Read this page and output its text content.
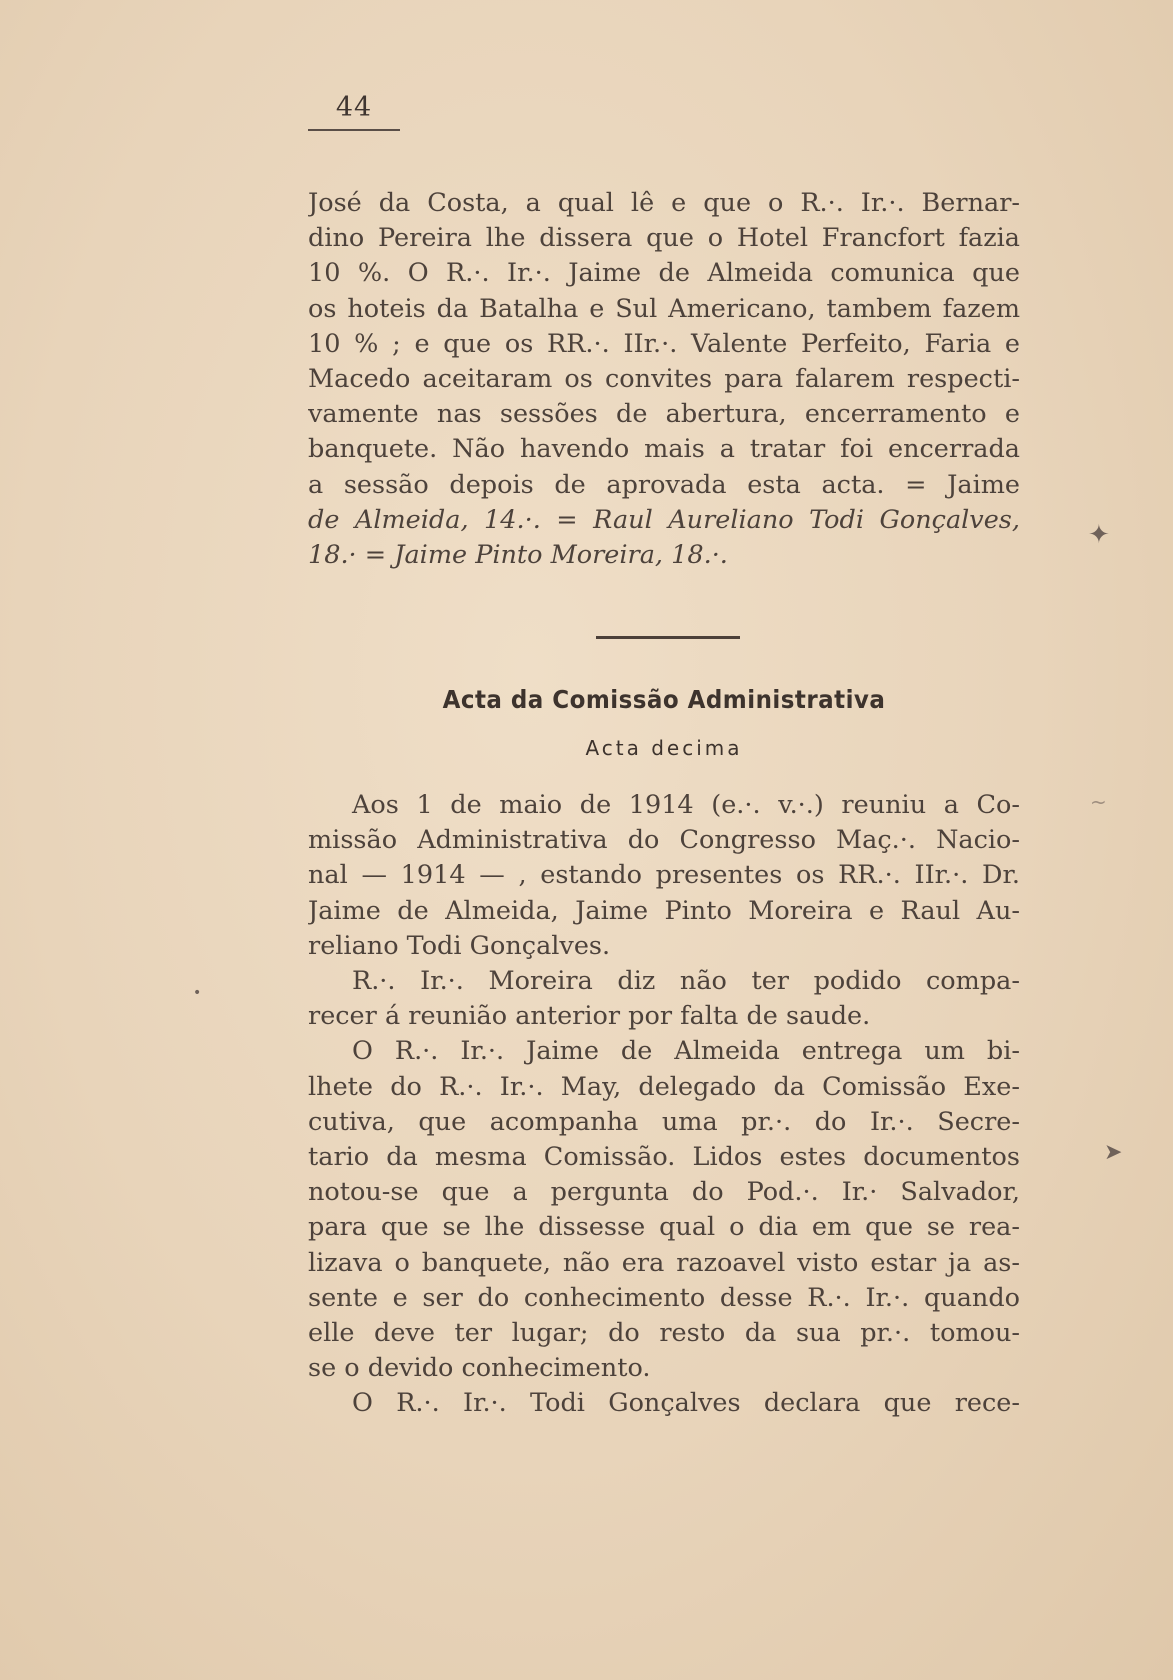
44
José da Costa, a qual lê e que o R.·. Ir.·. Bernar-
dino Pereira lhe dissera que o Hotel Francfort fazia
10 %. O R.·. Ir.·. Jaime de Almeida comunica que
os hoteis da Batalha e Sul Americano, tambem fazem
10 % ; e que os RR.·. IIr.·. Valente Perfeito, Faria e
Macedo aceitaram os convites para falarem respecti-
vamente nas sessões de abertura, encerramento e
banquete. Não havendo mais a tratar foi encerrada
a sessão depois de aprovada esta acta. = Jaime
de Almeida, 14.·. = Raul Aureliano Todi Gonçalves,
18.· = Jaime Pinto Moreira, 18.·.
Acta da Comissão Administrativa
Acta decima
Aos 1 de maio de 1914 (e.·. v.·.) reuniu a Co-
missão Administrativa do Congresso Maç.·. Nacio-
nal — 1914 — , estando presentes os RR.·. IIr.·. Dr.
Jaime de Almeida, Jaime Pinto Moreira e Raul Au-
reliano Todi Gonçalves.
R.·. Ir.·. Moreira diz não ter podido compa-
recer á reunião anterior por falta de saude.
O R.·. Ir.·. Jaime de Almeida entrega um bi-
lhete do R.·. Ir.·. May, delegado da Comissão Exe-
cutiva, que acompanha uma pr.·. do Ir.·. Secre-
tario da mesma Comissão. Lidos estes documentos
notou-se que a pergunta do Pod.·. Ir.· Salvador,
para que se lhe dissesse qual o dia em que se rea-
lizava o banquete, não era razoavel visto estar ja as-
sente e ser do conhecimento desse R.·. Ir.·. quando
elle deve ter lugar; do resto da sua pr.·. tomou-
se o devido conhecimento.
O R.·. Ir.·. Todi Gonçalves declara que rece-
✦
~
➤
•
